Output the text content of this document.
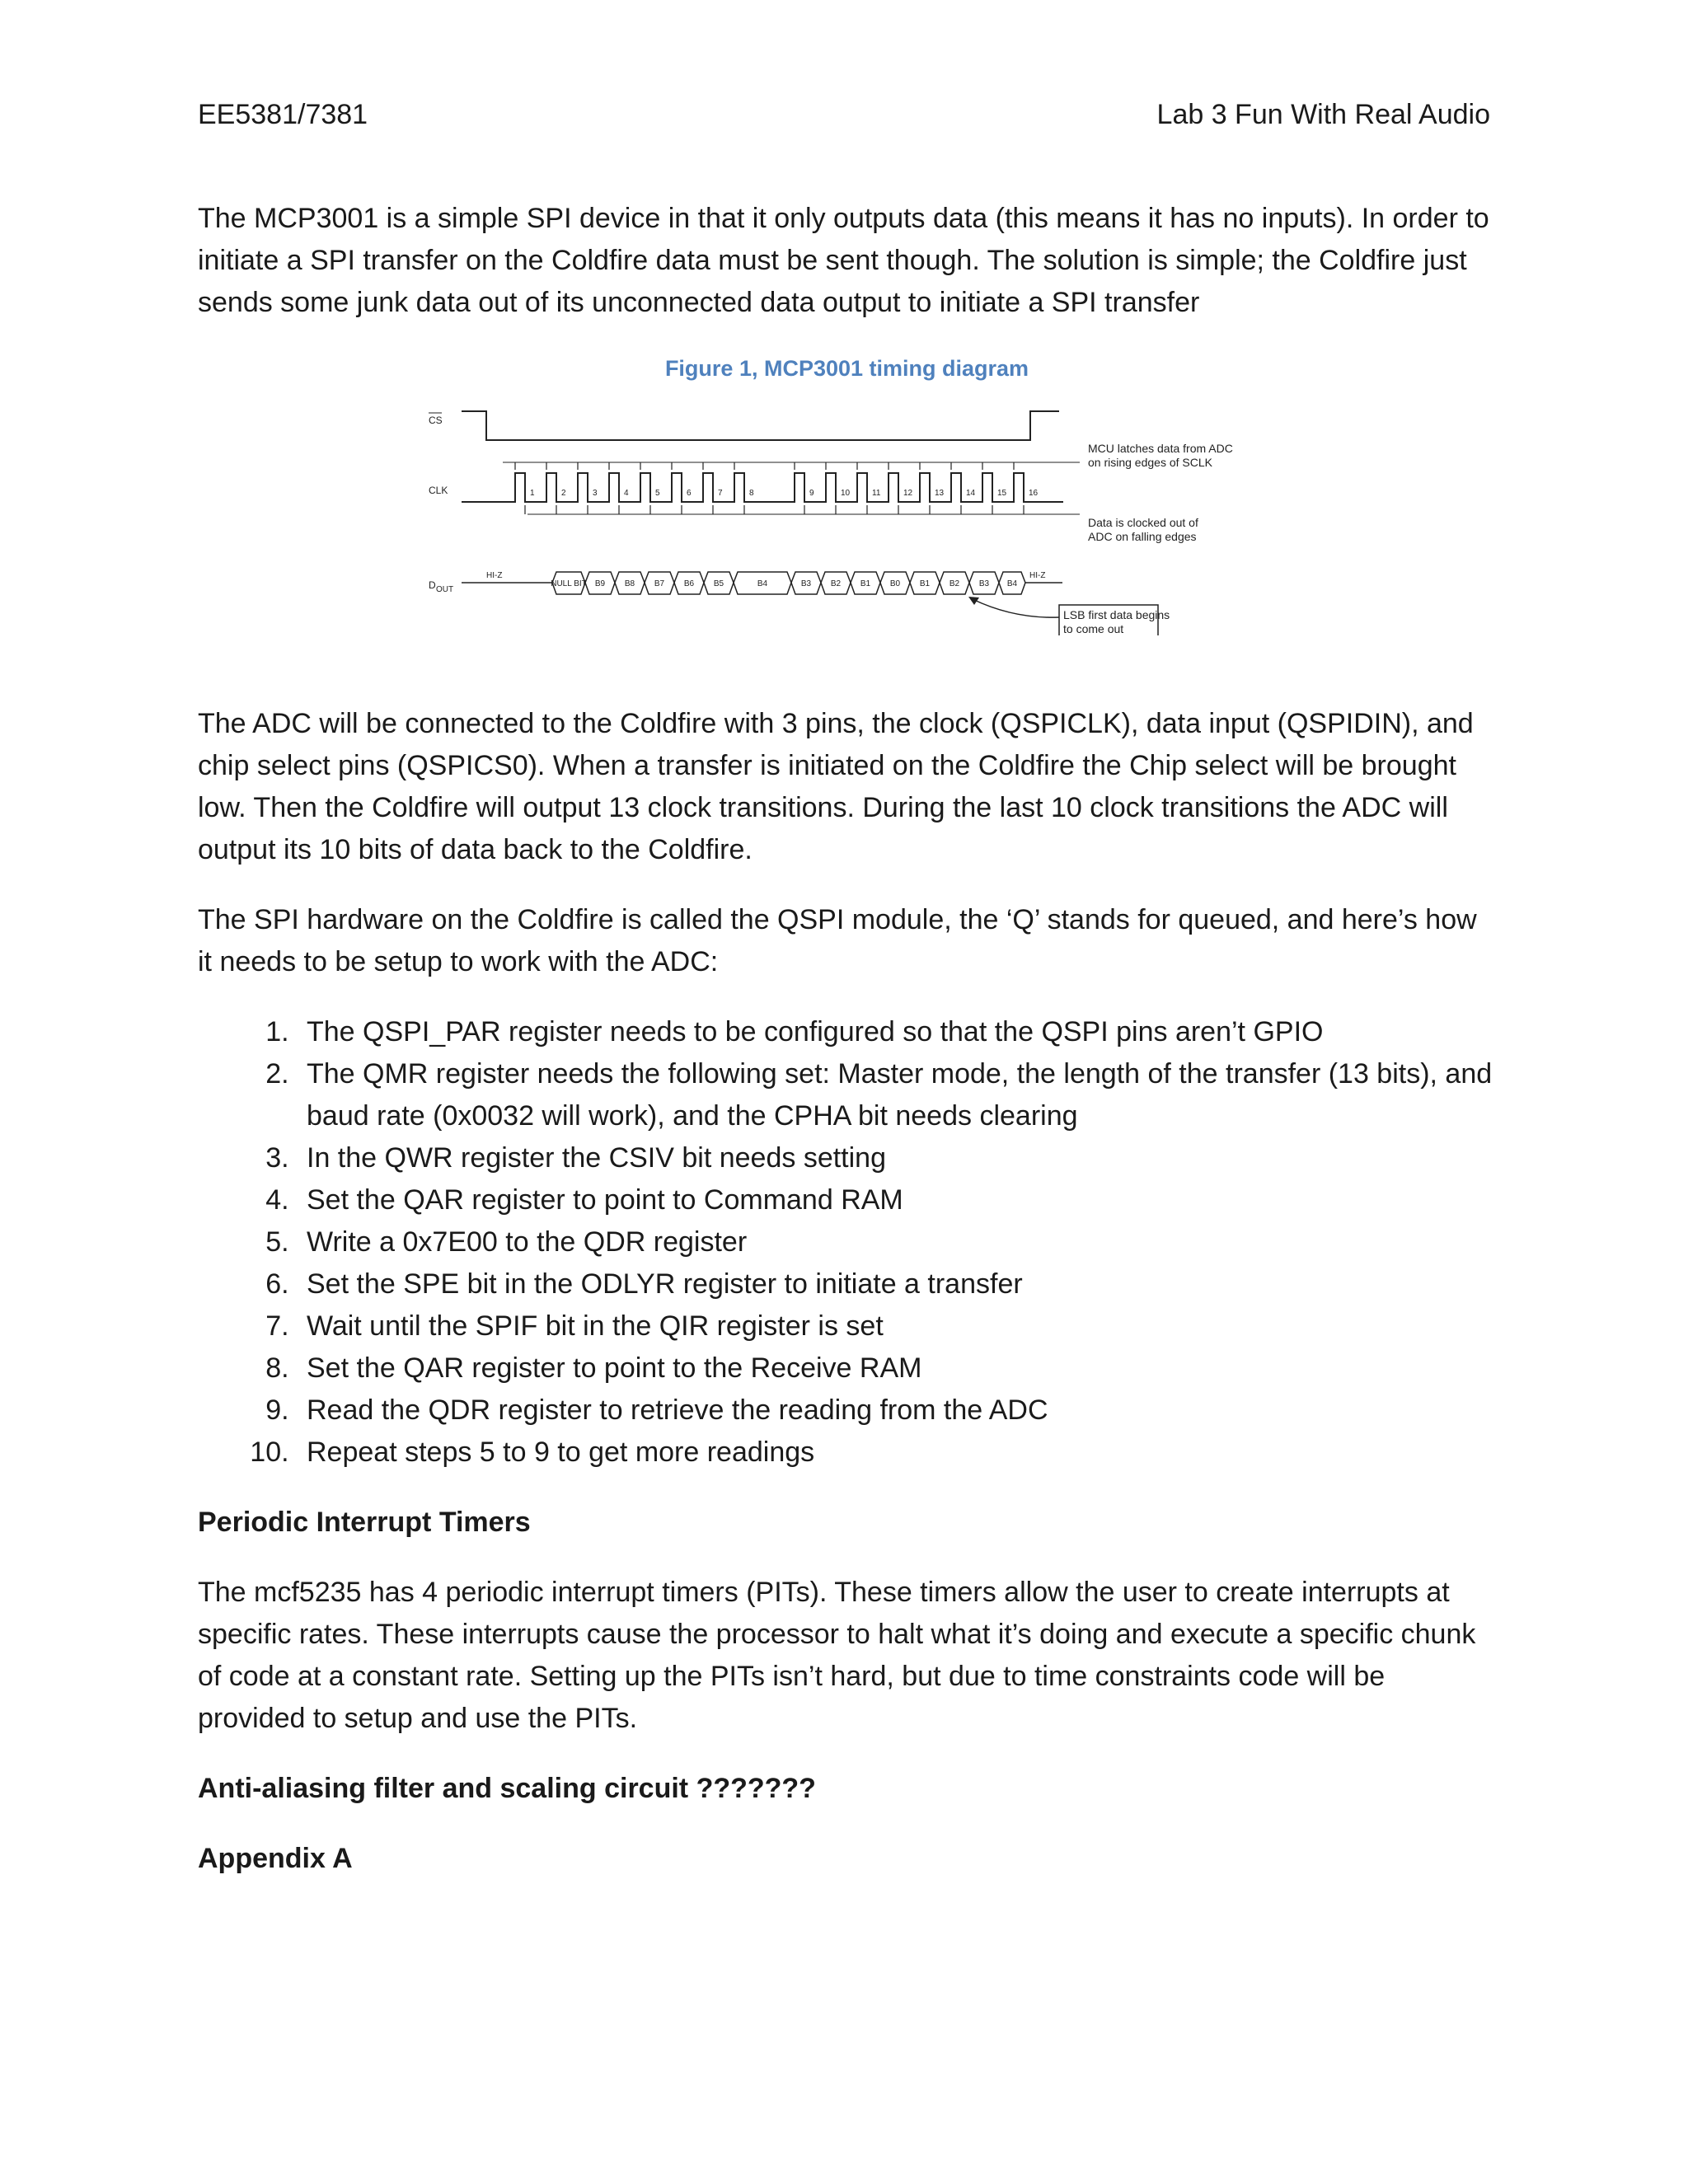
EE5381/7381	Lab 3 Fun With Real Audio

The MCP3001 is a simple SPI device in that it only outputs data (this means it has no inputs). In order to initiate a SPI transfer on the Coldfire data must be sent though. The solution is simple; the Coldfire just sends some junk data out of its unconnected data output to initiate a SPI transfer

Figure 1, MCP3001 timing diagram
CS
CLK
D OUT
1	2	3	4	5	6	7	8	9	10	11	12	13	14	15	16
HI-Z
NULL BIT B9 B8 B7 B6 B5	B4	B3 B2 B1 B0 B1 B2 B3 B4
HI-Z
MCU latches data from ADC
on rising edges of SCLK
Data is clocked out of
ADC on falling edges
LSB first data begins
to come out

The ADC will be connected to the Coldfire with 3 pins, the clock (QSPICLK), data input (QSPIDIN), and chip select pins (QSPICS0). When a transfer is initiated on the Coldfire the Chip select will be brought low. Then the Coldfire will output 13 clock transitions. During the last 10 clock transitions the ADC will output its 10 bits of data back to the Coldfire.

The SPI hardware on the Coldfire is called the QSPI module, the ‘Q’ stands for queued, and here’s how it needs to be setup to work with the ADC:

1. The QSPI_PAR register needs to be configured so that the QSPI pins aren’t GPIO
2. The QMR register needs the following set: Master mode, the length of the transfer (13 bits), and baud rate (0x0032 will work), and the CPHA bit needs clearing
3. In the QWR register the CSIV bit needs setting
4. Set the QAR register to point to Command RAM
5. Write a 0x7E00 to the QDR register
6. Set the SPE bit in the ODLYR register to initiate a transfer
7. Wait until the SPIF bit in the QIR register is set
8. Set the QAR register to point to the Receive RAM
9. Read the QDR register to retrieve the reading from the ADC
10. Repeat steps 5 to 9 to get more readings
Periodic Interrupt Timers

The mcf5235 has 4 periodic interrupt timers (PITs). These timers allow the user to create interrupts at specific rates. These interrupts cause the processor to halt what it’s doing and execute a specific chunk of code at a constant rate. Setting up the PITs isn’t hard, but due to time constraints code will be provided to setup and use the PITs.

Anti-aliasing filter and scaling circuit ???????
Appendix A
